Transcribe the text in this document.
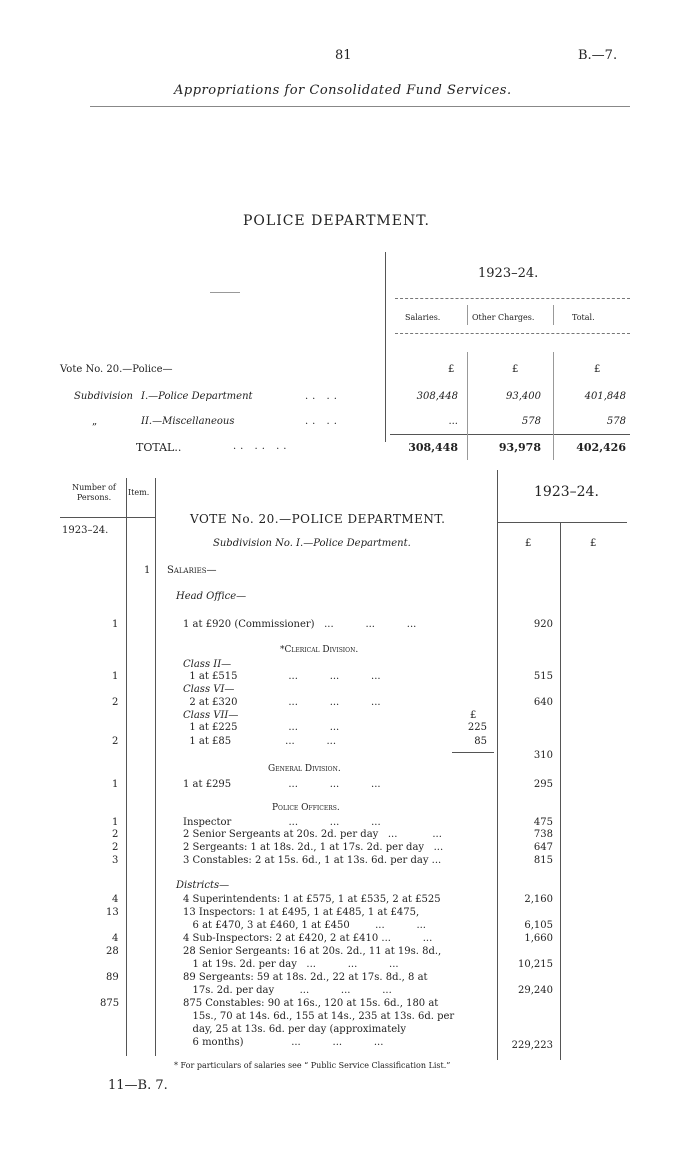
81	B.—7.
Appropriations for Consolidated Fund Services.
POLICE DEPARTMENT.
1923–24.
Salaries.	Other Charges.	Total.
Vote No. 20.—Police—	£	£	£
Subdivision I.—Police Department	.. ..	308,448	93,400	401,848
„	II.—Miscellaneous	.. ..	...	578	578
TOTAL..	.. .. ..	308,448	93,978	402,426
Number of Persons.
Item.	1923–24.
1923–24.
VOTE No. 20.—POLICE DEPARTMENT.
Subdivision No. I.—Police Department.	£	£
1 Salaries—
Head Office—
1	1 at £920 (Commissioner)   ...          ...          ...	920
*Clerical Division.
Class II—
1	1 at £515                ...          ...          ...	515
Class VI—
2	2 at £320                ...          ...          ...	640
Class VII—	£
1 at £225                ...          ...	225
2	1 at £85                 ...          ...	85
310
General Division.
1	1 at £295                  ...          ...          ...	295
Police Officers.
1	Inspector                  ...          ...          ...	475
2	2 Senior Sergeants at 20s. 2d. per day   ...           ...	738
2	2 Sergeants: 1 at 18s. 2d., 1 at 17s. 2d. per day   ...	647
3	3 Constables: 2 at 15s. 6d., 1 at 13s. 6d. per day ...	815
Districts—
4	4 Superintendents: 1 at £575, 1 at £535, 2 at £525	2,160
13	13 Inspectors: 1 at £495, 1 at £485, 1 at £475,
6 at £470, 3 at £460, 1 at £450        ...          ...	6,105
4	4 Sub-Inspectors: 2 at £420, 2 at £410 ...          ...	1,660
28	28 Senior Sergeants: 16 at 20s. 2d., 11 at 19s. 8d.,
1 at 19s. 2d. per day   ...          ...          ...	10,215
89	89 Sergeants: 59 at 18s. 2d., 22 at 17s. 8d., 8 at
17s. 2d. per day        ...          ...          ...	29,240
875	875 Constables: 90 at 16s., 120 at 15s. 6d., 180 at
15s., 70 at 14s. 6d., 155 at 14s., 235 at 13s. 6d. per
day, 25 at 13s. 6d. per day (approximately
6 months)               ...          ...          ...	229,223
* For particulars of salaries see “ Public Service Classification List.”
11—B. 7.
